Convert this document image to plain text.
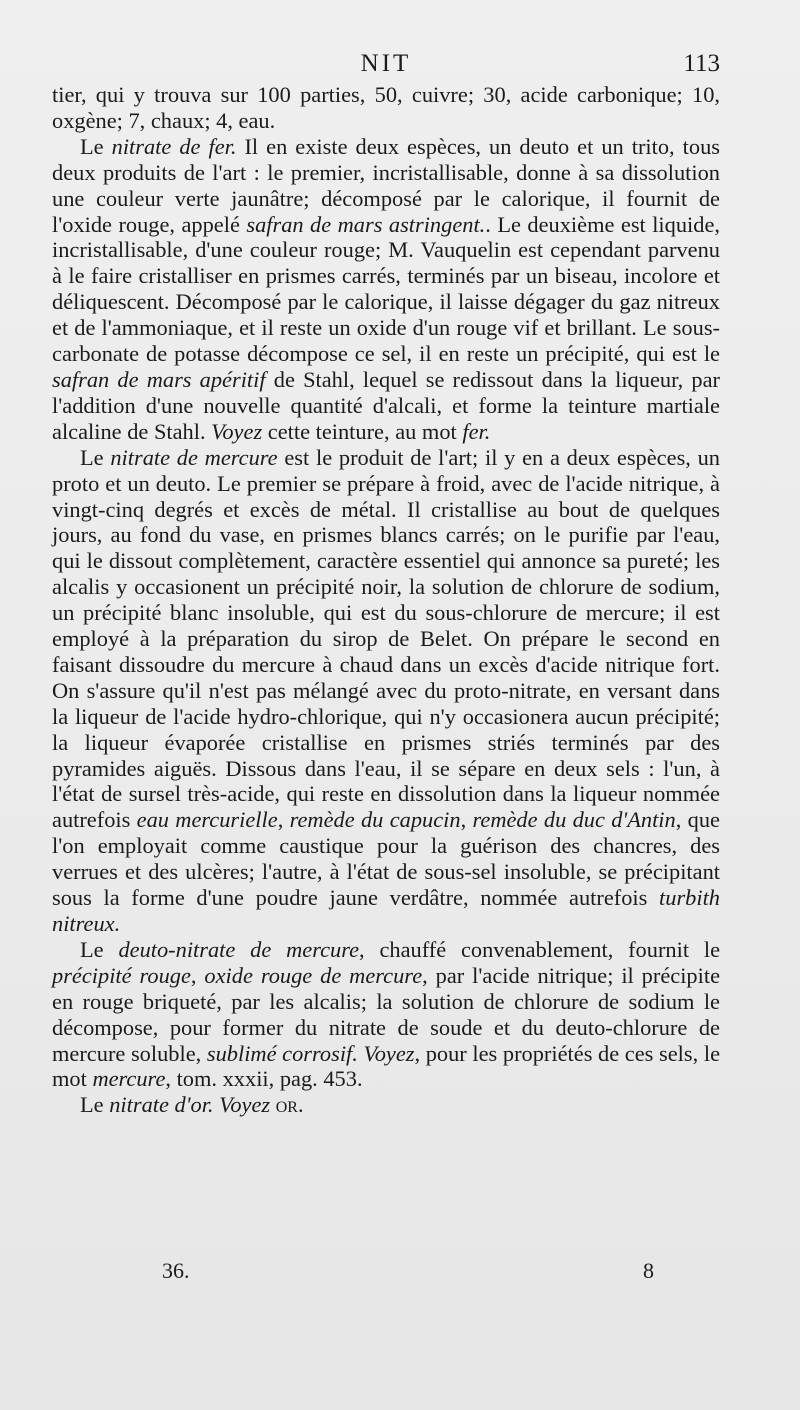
NIT	113

tier, qui y trouva sur 100 parties, 50, cuivre; 30, acide carbonique; 10, oxgène; 7, chaux; 4, eau.

Le nitrate de fer. Il en existe deux espèces, un deuto et un trito, tous deux produits de l'art : le premier, incristallisable, donne à sa dissolution une couleur verte jaunâtre; décomposé par le calorique, il fournit de l'oxide rouge, appelé safran de mars astringent.. Le deuxième est liquide, incristallisable, d'une couleur rouge; M. Vauquelin est cependant parvenu à le faire cristalliser en prismes carrés, terminés par un biseau, incolore et déliquescent. Décomposé par le calorique, il laisse dégager du gaz nitreux et de l'ammoniaque, et il reste un oxide d'un rouge vif et brillant. Le sous-carbonate de potasse décompose ce sel, il en reste un précipité, qui est le safran de mars apéritif de Stahl, lequel se redissout dans la liqueur, par l'addition d'une nouvelle quantité d'alcali, et forme la teinture martiale alcaline de Stahl. Voyez cette teinture, au mot fer.

Le nitrate de mercure est le produit de l'art; il y en a deux espèces, un proto et un deuto. Le premier se prépare à froid, avec de l'acide nitrique, à vingt-cinq degrés et excès de métal. Il cristallise au bout de quelques jours, au fond du vase, en prismes blancs carrés; on le purifie par l'eau, qui le dissout complètement, caractère essentiel qui annonce sa pureté; les alcalis y occasionent un précipité noir, la solution de chlorure de sodium, un précipité blanc insoluble, qui est du sous-chlorure de mercure; il est employé à la préparation du sirop de Belet. On prépare le second en faisant dissoudre du mercure à chaud dans un excès d'acide nitrique fort. On s'assure qu'il n'est pas mélangé avec du proto-nitrate, en versant dans la liqueur de l'acide hydro-chlorique, qui n'y occasionera aucun précipité; la liqueur évaporée cristallise en prismes striés terminés par des pyramides aiguës. Dissous dans l'eau, il se sépare en deux sels : l'un, à l'état de sursel très-acide, qui reste en dissolution dans la liqueur nommée autrefois eau mercurielle, remède du capucin, remède du duc d'Antin, que l'on employait comme caustique pour la guérison des chancres, des verrues et des ulcères; l'autre, à l'état de sous-sel insoluble, se précipitant sous la forme d'une poudre jaune verdâtre, nommée autrefois turbith nitreux.

Le deuto-nitrate de mercure, chauffé convenablement, fournit le précipité rouge, oxide rouge de mercure, par l'acide nitrique; il précipite en rouge briqueté, par les alcalis; la solution de chlorure de sodium le décompose, pour former du nitrate de soude et du deuto-chlorure de mercure soluble, sublimé corrosif. Voyez, pour les propriétés de ces sels, le mot mercure, tom. xxxii, pag. 453.

Le nitrate d'or. Voyez or.

36.	8
